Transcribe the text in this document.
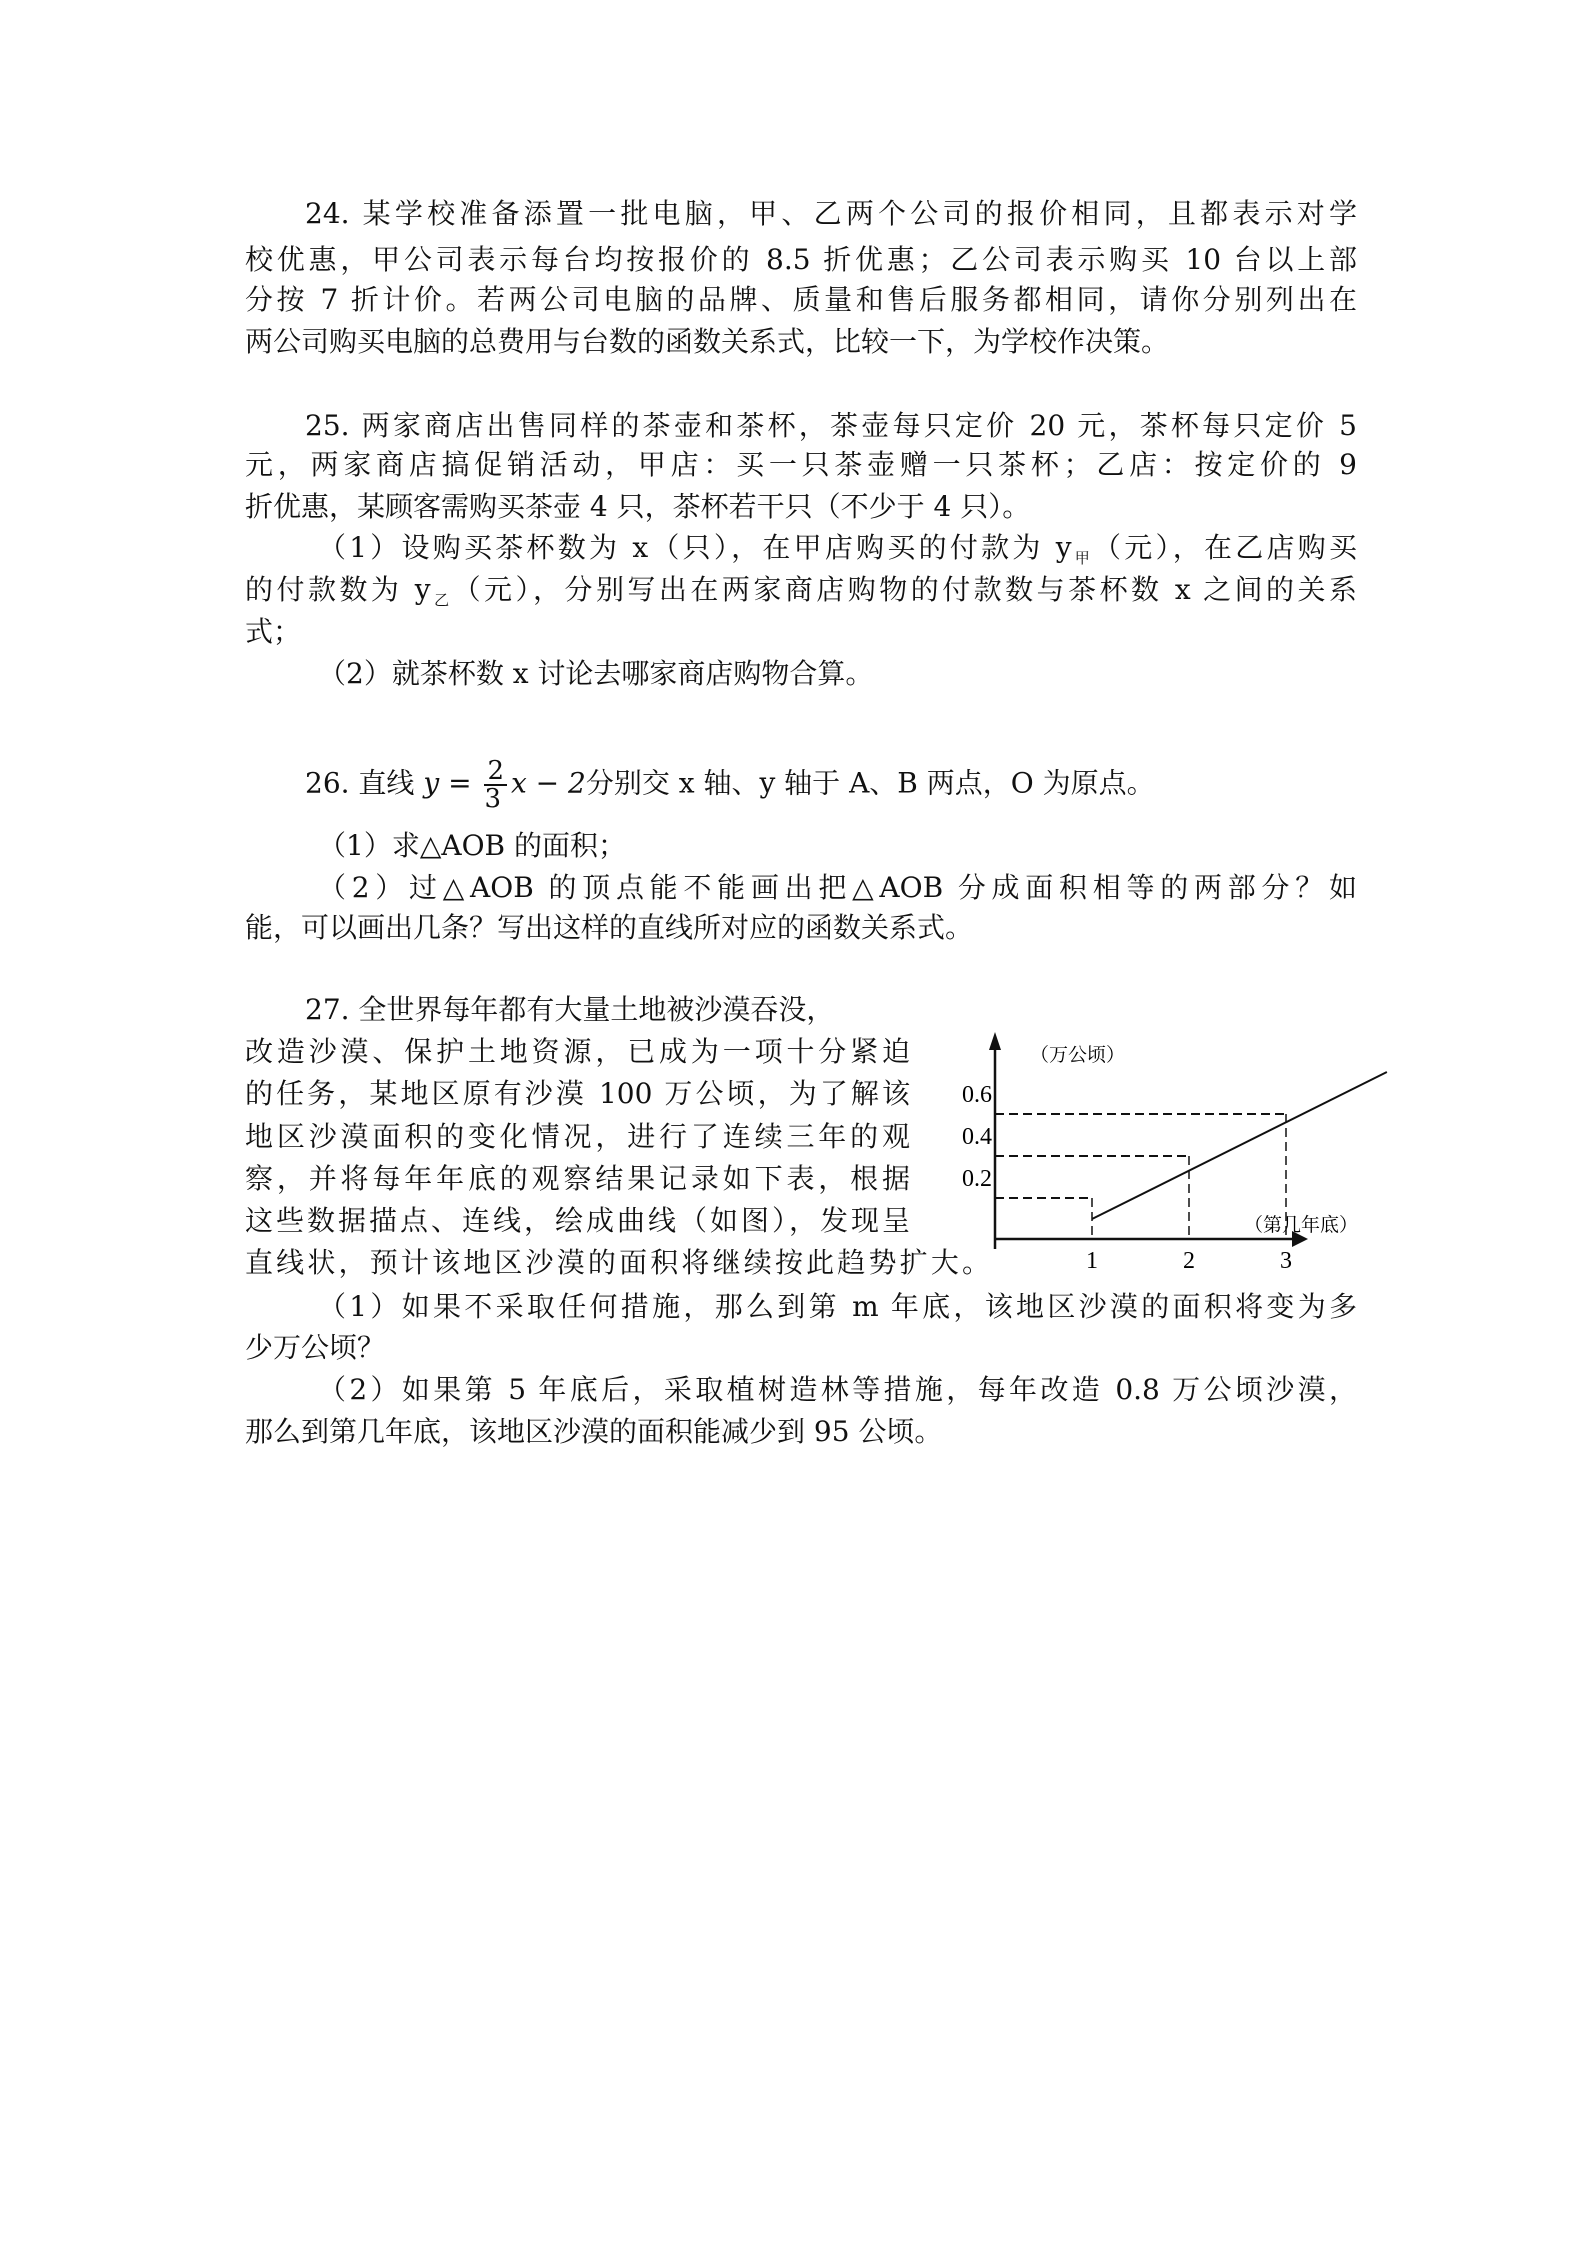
24. 某学校准备添置一批电脑，甲、乙两个公司的报价相同，且都表示对学
校优惠，甲公司表示每台均按报价的 8.5 折优惠；乙公司表示购买 10 台以上部
分按 7 折计价。若两公司电脑的品牌、质量和售后服务都相同，请你分别列出在
两公司购买电脑的总费用与台数的函数关系式，比较一下，为学校作决策。
25. 两家商店出售同样的茶壶和茶杯，茶壶每只定价 20 元，茶杯每只定价 5
元，两家商店搞促销活动，甲店：买一只茶壶赠一只茶杯；乙店：按定价的 9
折优惠，某顾客需购买茶壶 4 只，茶杯若干只（不少于 4 只）。
（1）设购买茶杯数为 x（只），在甲店购买的付款为 $y_甲$（元），在乙店购买
的付款数为 $y_乙$（元），分别写出在两家商店购物的付款数与茶杯数 x 之间的关系
式；
（2）就茶杯数 x 讨论去哪家商店购物合算。
26. 直线 $y = \frac{2}{3}$ x − 2分别交 x 轴、y 轴于 A、B 两点，O 为原点。
（1）求△AOB 的面积；
（2）过△AOB 的顶点能不能画出把△AOB 分成面积相等的两部分？如
能，可以画出几条？写出这样的直线所对应的函数关系式。
27. 全世界每年都有大量土地被沙漠吞没，
改造沙漠、保护土地资源，已成为一项十分紧迫
的任务，某地区原有沙漠 100 万公顷，为了解该
地区沙漠面积的变化情况，进行了连续三年的观
察，并将每年年底的观察结果记录如下表，根据
这些数据描点、连线，绘成曲线（如图），发现呈
直线状，预计该地区沙漠的面积将继续按此趋势扩大。
（1）如果不采取任何措施，那么到第 m 年底，该地区沙漠的面积将变为多
少万公顷？
（2）如果第 5 年底后，采取植树造林等措施，每年改造 0.8 万公顷沙漠，
那么到第几年底，该地区沙漠的面积能减少到 95 公顷。
（万公顷）
（第几年底）
0.2
0.4
0.6
1	2	3
